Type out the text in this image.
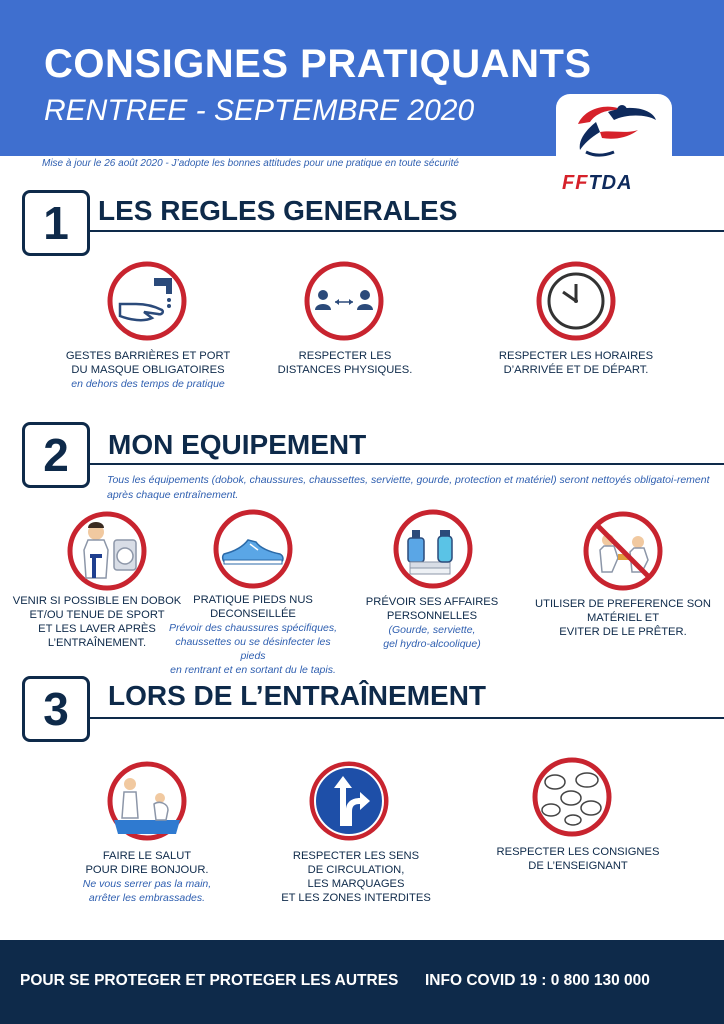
CONSIGNES PRATIQUANTS
RENTREE - SEPTEMBRE 2020
FFTDA
Mise à jour le 26 août 2020 - J’adopte les bonnes attitudes pour une pratique en toute sécurité
1	LES REGLES GENERALES
GESTES BARRIÈRES ET PORT
DU MASQUE OBLIGATOIRES
en dehors des temps de pratique
RESPECTER LES
DISTANCES PHYSIQUES.
RESPECTER LES HORAIRES
D’ARRIVÉE ET DE DÉPART.
2	MON EQUIPEMENT
Tous les équipements (dobok, chaussures, chaussettes, serviette, gourde, protection et matériel) seront nettoyés obligatoi-rement après chaque entraînement.
VENIR SI POSSIBLE EN DOBOK
ET/OU TENUE DE SPORT
ET LES LAVER APRÈS
L’ENTRAÎNEMENT.
PRATIQUE PIEDS NUS
DECONSEILLÉE
Prévoir des chaussures spécifiques,
chaussettes ou se désinfecter les pieds
en rentrant et en sortant du le tapis.
PRÉVOIR SES AFFAIRES
PERSONNELLES
(Gourde, serviette,
gel hydro-alcoolique)
UTILISER DE PREFERENCE SON
MATÉRIEL ET
EVITER DE LE PRÊTER.
3	LORS DE L’ENTRAÎNEMENT
FAIRE LE SALUT
POUR DIRE BONJOUR.
Ne vous serrer pas la main,
arrêter les embrassades.
RESPECTER LES SENS
DE CIRCULATION,
LES MARQUAGES
ET LES ZONES INTERDITES
RESPECTER LES CONSIGNES
DE L’ENSEIGNANT
POUR SE PROTEGER ET PROTEGER LES AUTRES INFO COVID 19 : 0 800 130 000
